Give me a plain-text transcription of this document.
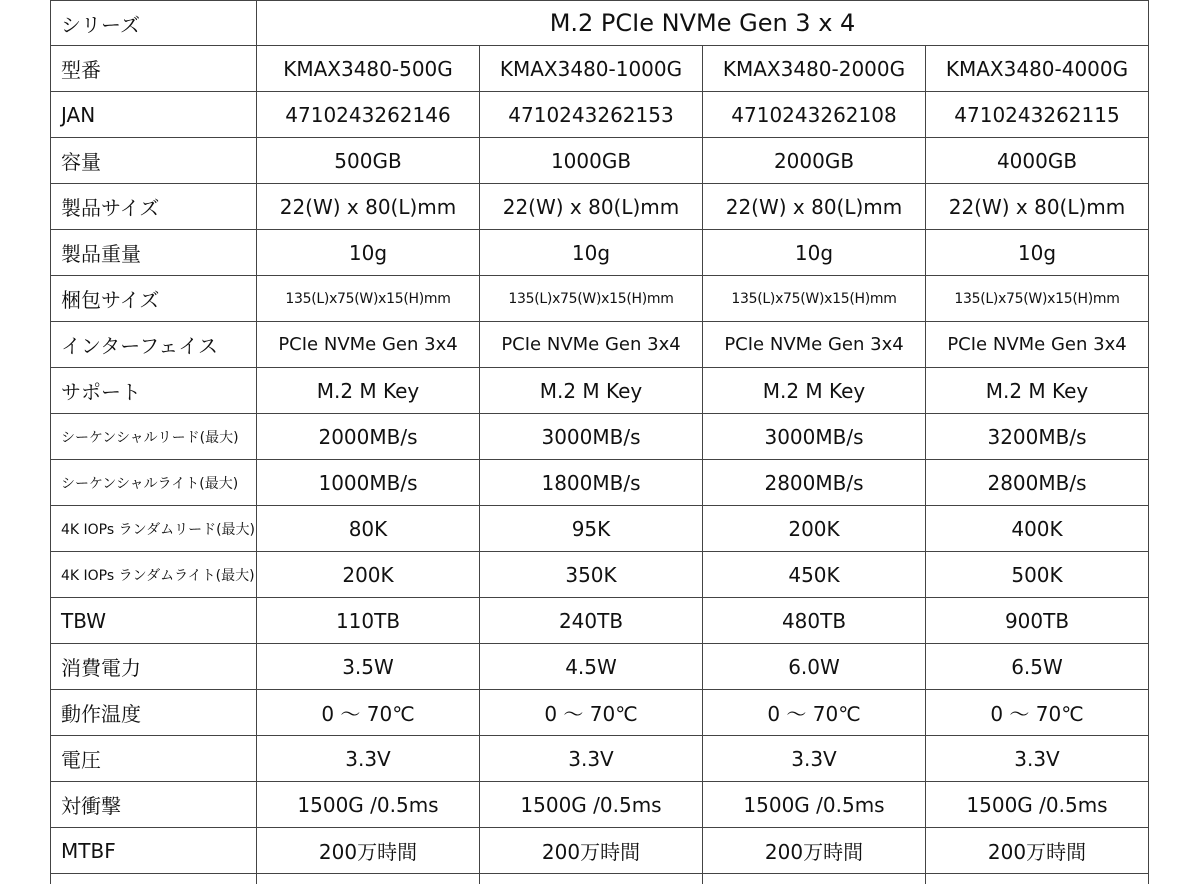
シリーズ	M.2 PCIe NVMe Gen 3 x 4			
型番	KMAX3480-500G	KMAX3480-1000G	KMAX3480-2000G	KMAX3480-4000G
JAN	4710243262146	4710243262153	4710243262108	4710243262115
容量	500GB	1000GB	2000GB	4000GB
製品サイズ	22(W) x 80(L)mm	22(W) x 80(L)mm	22(W) x 80(L)mm	22(W) x 80(L)mm
製品重量	10g	10g	10g	10g
梱包サイズ	135(L)x75(W)x15(H)mm	135(L)x75(W)x15(H)mm	135(L)x75(W)x15(H)mm	135(L)x75(W)x15(H)mm
インターフェイス	PCIe NVMe Gen 3x4	PCIe NVMe Gen 3x4	PCIe NVMe Gen 3x4	PCIe NVMe Gen 3x4
サポート	M.2 M Key	M.2 M Key	M.2 M Key	M.2 M Key
シーケンシャルリード(最大)	2000MB/s	3000MB/s	3000MB/s	3200MB/s
シーケンシャルライト(最大)	1000MB/s	1800MB/s	2800MB/s	2800MB/s
4K IOPs ランダムリード(最大)	80K	95K	200K	400K
4K IOPs ランダムライト(最大)	200K	350K	450K	500K
TBW	110TB	240TB	480TB	900TB
消費電力	3.5W	4.5W	6.0W	6.5W
動作温度	0 ～ 70℃	0 ～ 70℃	0 ～ 70℃	0 ～ 70℃
電圧	3.3V	3.3V	3.3V	3.3V
対衝撃	1500G /0.5ms	1500G /0.5ms	1500G /0.5ms	1500G /0.5ms
MTBF	200万時間	200万時間	200万時間	200万時間
